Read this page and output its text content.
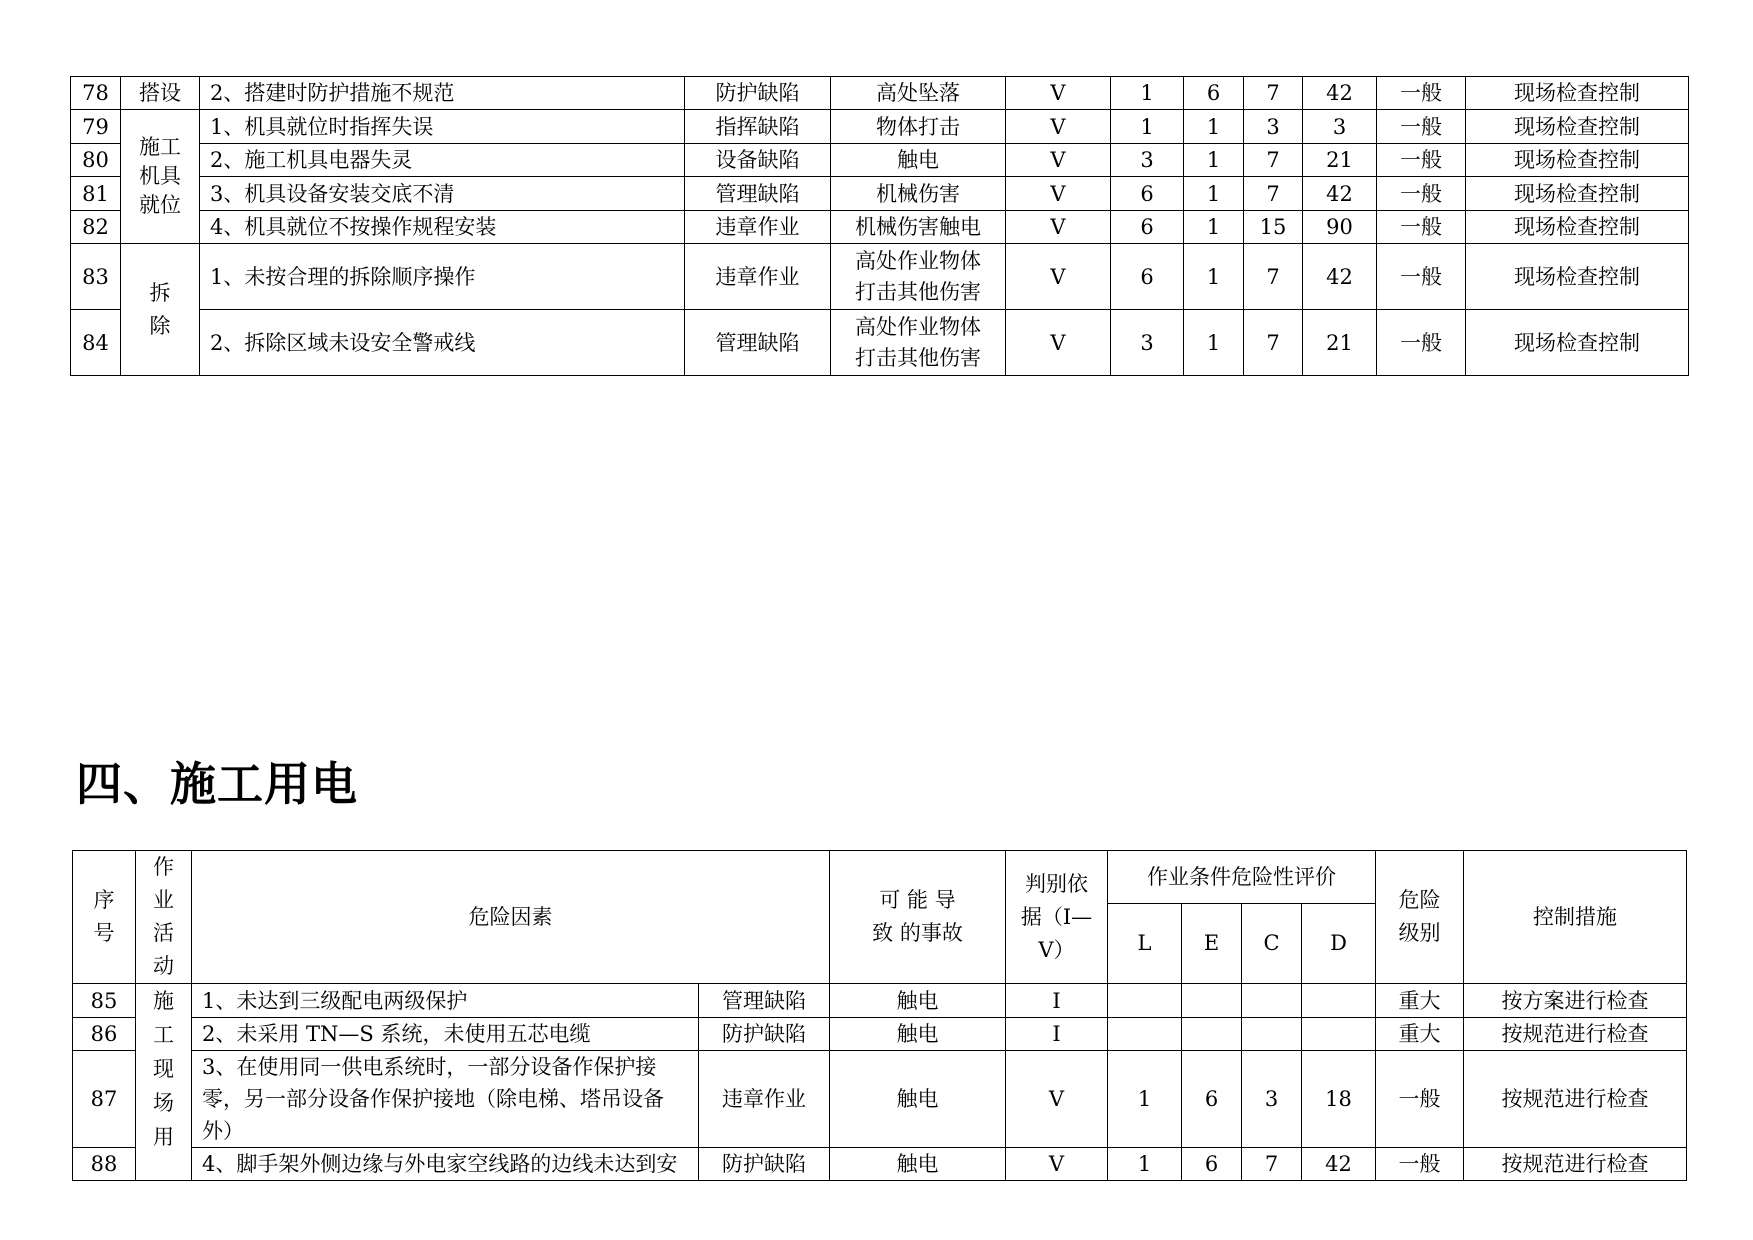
78	搭设	2、搭建时防护措施不规范	防护缺陷	高处坠落	V	1	6	7	42	一般	现场检查控制
79	施工机具就位	1、机具就位时指挥失误	指挥缺陷	物体打击	V	1	1	3	3	一般	现场检查控制
80		2、施工机具电器失灵	设备缺陷	触电	V	3	1	7	21	一般	现场检查控制
81		3、机具设备安装交底不清	管理缺陷	机械伤害	V	6	1	7	42	一般	现场检查控制
82		4、机具就位不按操作规程安装	违章作业	机械伤害触电	V	6	1	15	90	一般	现场检查控制
83	拆除	1、未按合理的拆除顺序操作	违章作业	高处作业物体打击其他伤害	V	6	1	7	42	一般	现场检查控制
84		2、拆除区域未设安全警戒线	管理缺陷	高处作业物体打击其他伤害	V	3	1	7	21	一般	现场检查控制
四、施工用电
序号	作业活动	危险因素		可 能 导 致 的事故	判别依据（I—V）	作业条件危险性评价				危险级别	控制措施
						L	E	C	D		
85	施工现场用	1、未达到三级配电两级保护	管理缺陷	触电	I					重大	按方案进行检查
86		2、未采用 TN—S 系统，未使用五芯电缆	防护缺陷	触电	I					重大	按规范进行检查
87		3、在使用同一供电系统时，一部分设备作保护接零，另一部分设备作保护接地（除电梯、塔吊设备外）	违章作业	触电	V	1	6	3	18	一般	按规范进行检查
88		4、脚手架外侧边缘与外电家空线路的边线未达到安	防护缺陷	触电	V	1	6	7	42	一般	按规范进行检查
